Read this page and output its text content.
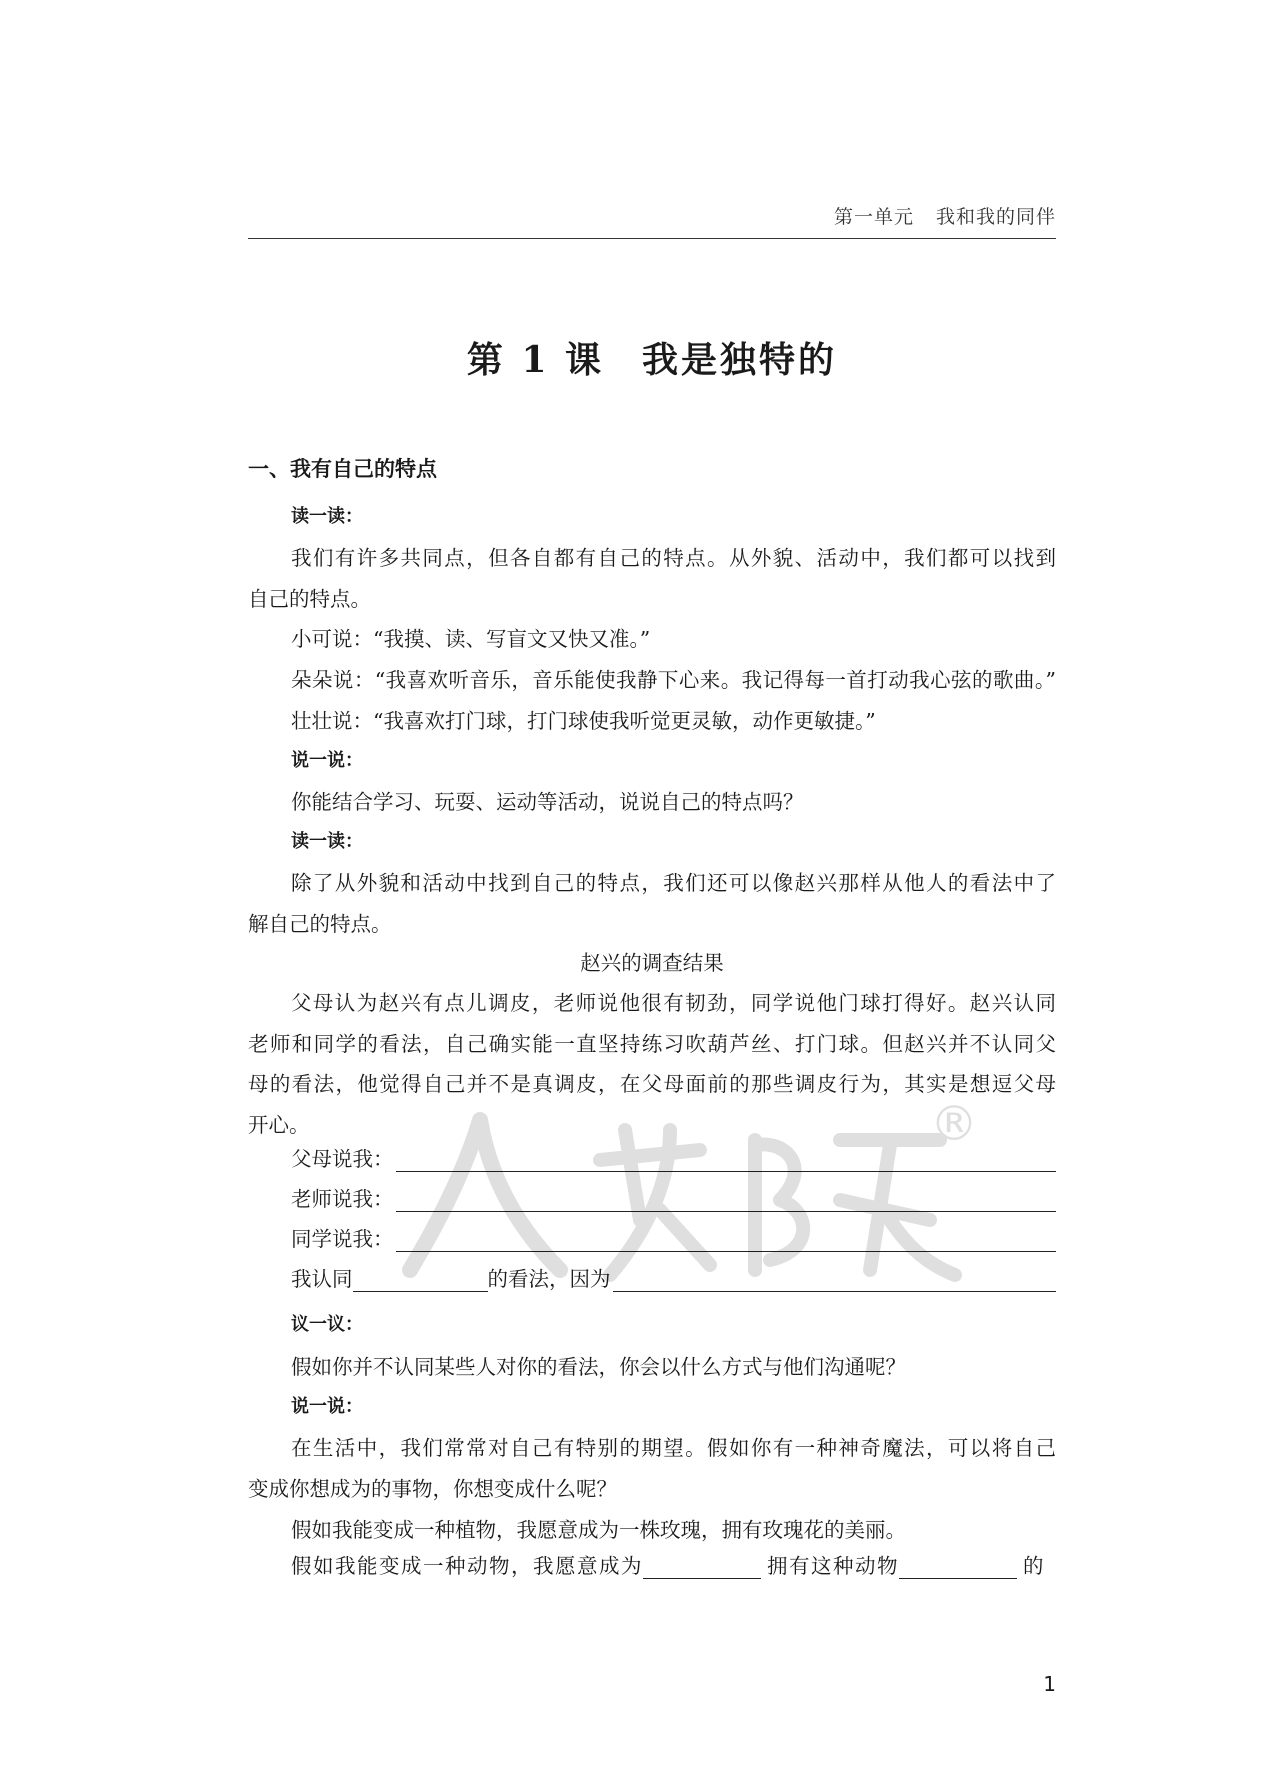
第一单元 我和我的同伴
第 1 课 我是独特的
一、我有自己的特点
读一读：
我们有许多共同点，但各自都有自己的特点。从外貌、活动中，我们都可以找到
自己的特点。
小可说：“我摸、读、写盲文又快又准。”
朵朵说：“我喜欢听音乐，音乐能使我静下心来。我记得每一首打动我心弦的歌曲。”
壮壮说：“我喜欢打门球，打门球使我听觉更灵敏，动作更敏捷。”
说一说：
你能结合学习、玩耍、运动等活动，说说自己的特点吗？
读一读：
除了从外貌和活动中找到自己的特点，我们还可以像赵兴那样从他人的看法中了
解自己的特点。
赵兴的调查结果
父母认为赵兴有点儿调皮，老师说他很有韧劲，同学说他门球打得好。赵兴认同
老师和同学的看法，自己确实能一直坚持练习吹葫芦丝、打门球。但赵兴并不认同父
母的看法，他觉得自己并不是真调皮，在父母面前的那些调皮行为，其实是想逗父母
开心。
父母说我：
老师说我：
同学说我：
我认同	的看法，因为
议一议：
假如你并不认同某些人对你的看法，你会以什么方式与他们沟通呢？
说一说：
在生活中，我们常常对自己有特别的期望。假如你有一种神奇魔法，可以将自己
变成你想成为的事物，你想变成什么呢？
假如我能变成一种植物，我愿意成为一株玫瑰，拥有玫瑰花的美丽。
假如我能变成一种动物，我愿意成为	拥有这种动物	的
®
1
